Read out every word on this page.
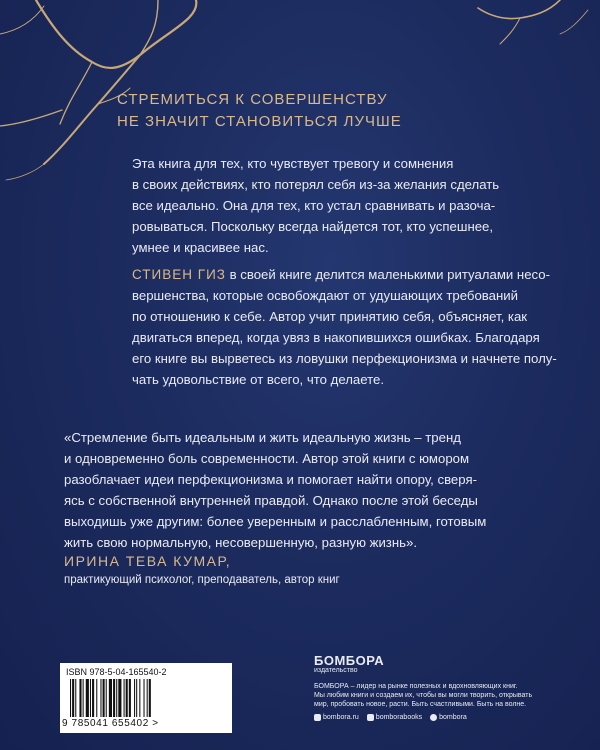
СТРЕМИТЬСЯ К СОВЕРШЕНСТВУ
НЕ ЗНАЧИТ СТАНОВИТЬСЯ ЛУЧШЕ
Эта книга для тех, кто чувствует тревогу и сомнения
в своих действиях, кто потерял себя из-за желания сделать
все идеально. Она для тех, кто устал сравнивать и разоча-
ровываться. Поскольку всегда найдется тот, кто успешнее,
умнее и красивее нас.
СТИВЕН ГИЗ в своей книге делится маленькими ритуалами несо-
вершенства, которые освобождают от удушающих требований
по отношению к себе. Автор учит принятию себя, объясняет, как
двигаться вперед, когда увяз в накопившихся ошибках. Благодаря
его книге вы вырветесь из ловушки перфекционизма и начнете полу-
чать удовольствие от всего, что делаете.
«Стремление быть идеальным и жить идеальную жизнь – тренд
и одновременно боль современности. Автор этой книги с юмором
разоблачает идеи перфекционизма и помогает найти опору, сверя-
ясь с собственной внутренней правдой. Однако после этой беседы
выходишь уже другим: более уверенным и расслабленным, готовым
жить свою нормальную, несовершенную, разную жизнь».
ИРИНА ТЕВА КУМАР,
практикующий психолог, преподаватель, автор книг
ISBN 978-5-04-165540-2
9 785041 655402 >
БОМБОРА
издательство
БОМБОРА – лидер на рынке полезных и вдохновляющих книг.
Мы любим книги и создаем их, чтобы вы могли творить, открывать
мир, пробовать новое, расти. Быть счастливыми. Быть на волне.
bombora.ru bomborabooks bombora
